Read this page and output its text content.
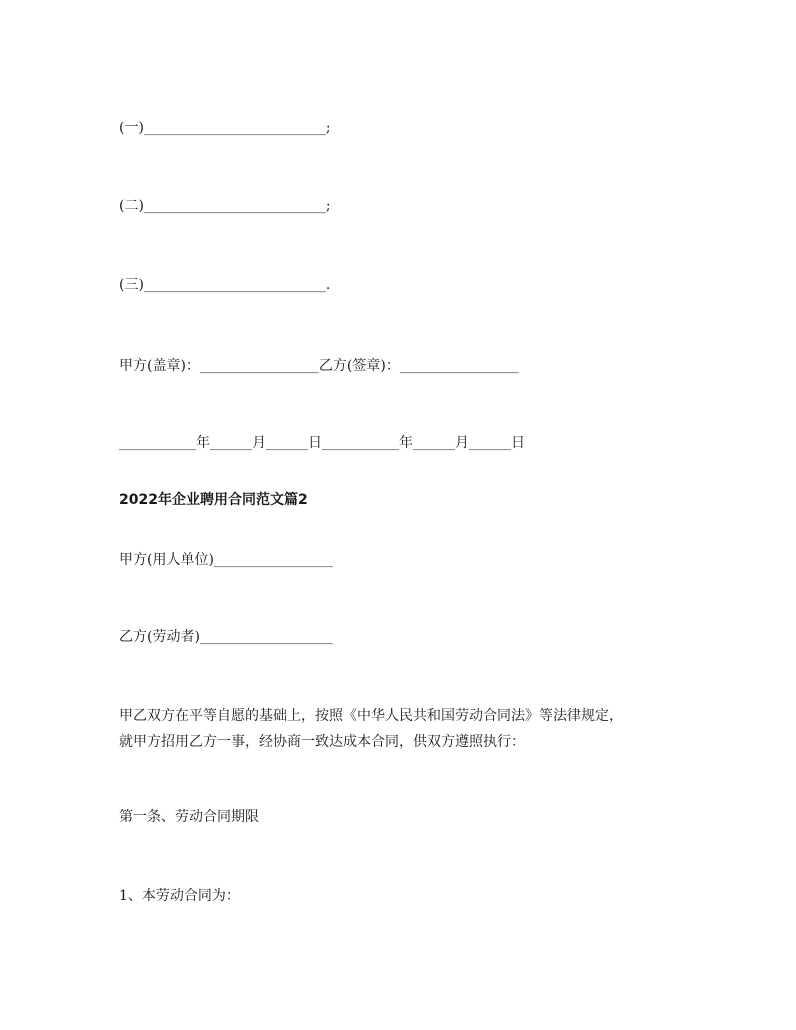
(一)__________________________;
(二)__________________________;
(三)__________________________.
甲方(盖章)：_________________乙方(签章)：_________________
___________年______月______日___________年______月______日
2022年企业聘用合同范文篇2
甲方(用人单位)_________________
乙方(劳动者)___________________
甲乙双方在平等自愿的基础上，按照《中华人民共和国劳动合同法》等法律规定，
就甲方招用乙方一事，经协商一致达成本合同，供双方遵照执行：
第一条、劳动合同期限
1、本劳动合同为：
